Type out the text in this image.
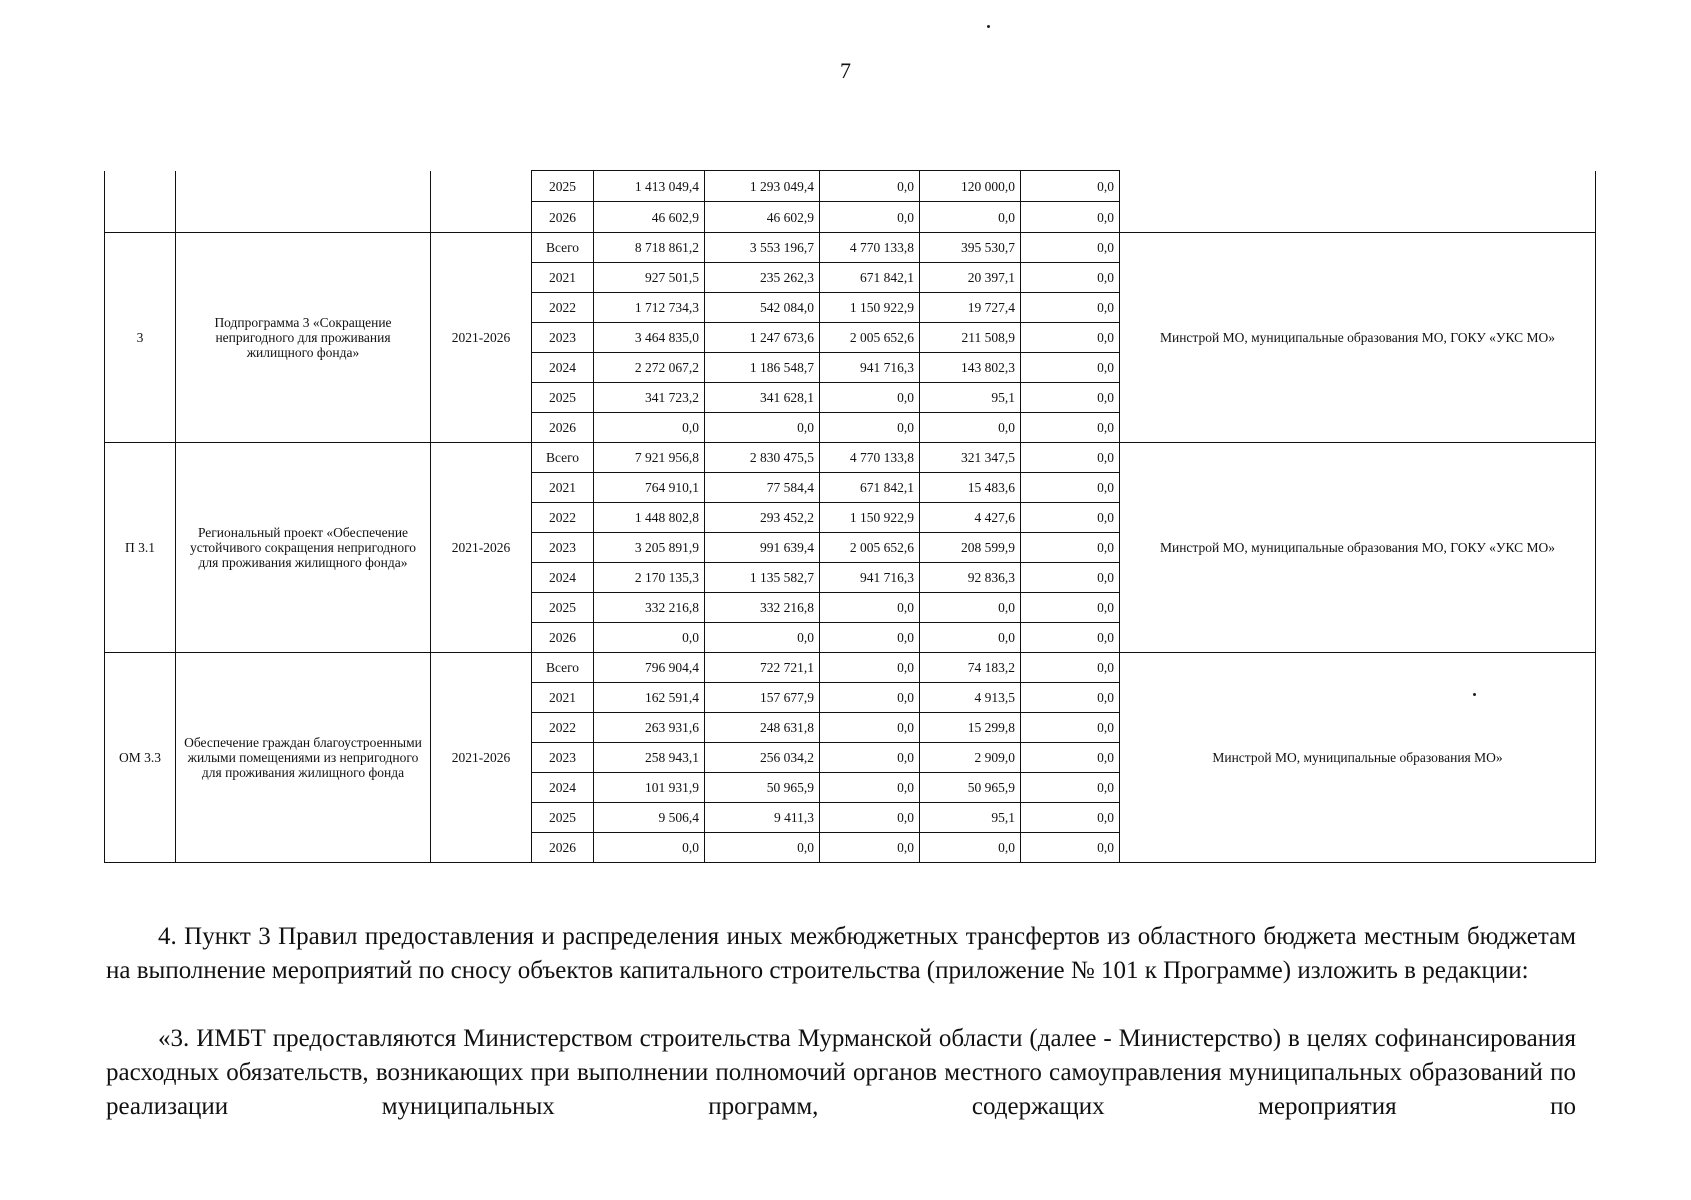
7
			2025	1 413 049,4	1 293 049,4	0,0	120 000,0	0,0	
			2026	46 602,9	46 602,9	0,0	0,0	0,0	
3	Подпрограмма 3 «Сокращение непригодного для проживания жилищного фонда»	2021-2026	Всего	8 718 861,2	3 553 196,7	4 770 133,8	395 530,7	0,0	Минстрой МО, муниципальные образования МО, ГОКУ «УКС МО»
			2021	927 501,5	235 262,3	671 842,1	20 397,1	0,0	
			2022	1 712 734,3	542 084,0	1 150 922,9	19 727,4	0,0	
			2023	3 464 835,0	1 247 673,6	2 005 652,6	211 508,9	0,0	
			2024	2 272 067,2	1 186 548,7	941 716,3	143 802,3	0,0	
			2025	341 723,2	341 628,1	0,0	95,1	0,0	
			2026	0,0	0,0	0,0	0,0	0,0	
П 3.1	Региональный проект «Обеспечение устойчивого сокращения непригодного для проживания жилищного фонда»	2021-2026	Всего	7 921 956,8	2 830 475,5	4 770 133,8	321 347,5	0,0	Минстрой МО, муниципальные образования МО, ГОКУ «УКС МО»
			2021	764 910,1	77 584,4	671 842,1	15 483,6	0,0	
			2022	1 448 802,8	293 452,2	1 150 922,9	4 427,6	0,0	
			2023	3 205 891,9	991 639,4	2 005 652,6	208 599,9	0,0	
			2024	2 170 135,3	1 135 582,7	941 716,3	92 836,3	0,0	
			2025	332 216,8	332 216,8	0,0	0,0	0,0	
			2026	0,0	0,0	0,0	0,0	0,0	
ОМ 3.3	Обеспечение граждан благоустроенными жилыми помещениями из непригодного для проживания жилищного фонда	2021-2026	Всего	796 904,4	722 721,1	0,0	74 183,2	0,0	Минстрой МО, муниципальные образования МО»
			2021	162 591,4	157 677,9	0,0	4 913,5	0,0	
			2022	263 931,6	248 631,8	0,0	15 299,8	0,0	
			2023	258 943,1	256 034,2	0,0	2 909,0	0,0	
			2024	101 931,9	50 965,9	0,0	50 965,9	0,0	
			2025	9 506,4	9 411,3	0,0	95,1	0,0	
			2026	0,0	0,0	0,0	0,0	0,0	

4. Пункт 3 Правил предоставления и распределения иных межбюджетных трансфертов из областного бюджета местным бюджетам на выполнение мероприятий по сносу объектов капитального строительства (приложение № 101 к Программе) изложить в редакции:

«3. ИМБТ предоставляются Министерством строительства Мурманской области (далее - Министерство) в целях софинансирования расходных обязательств, возникающих при выполнении полномочий органов местного самоуправления муниципальных образований по реализации муниципальных программ, содержащих мероприятия по
